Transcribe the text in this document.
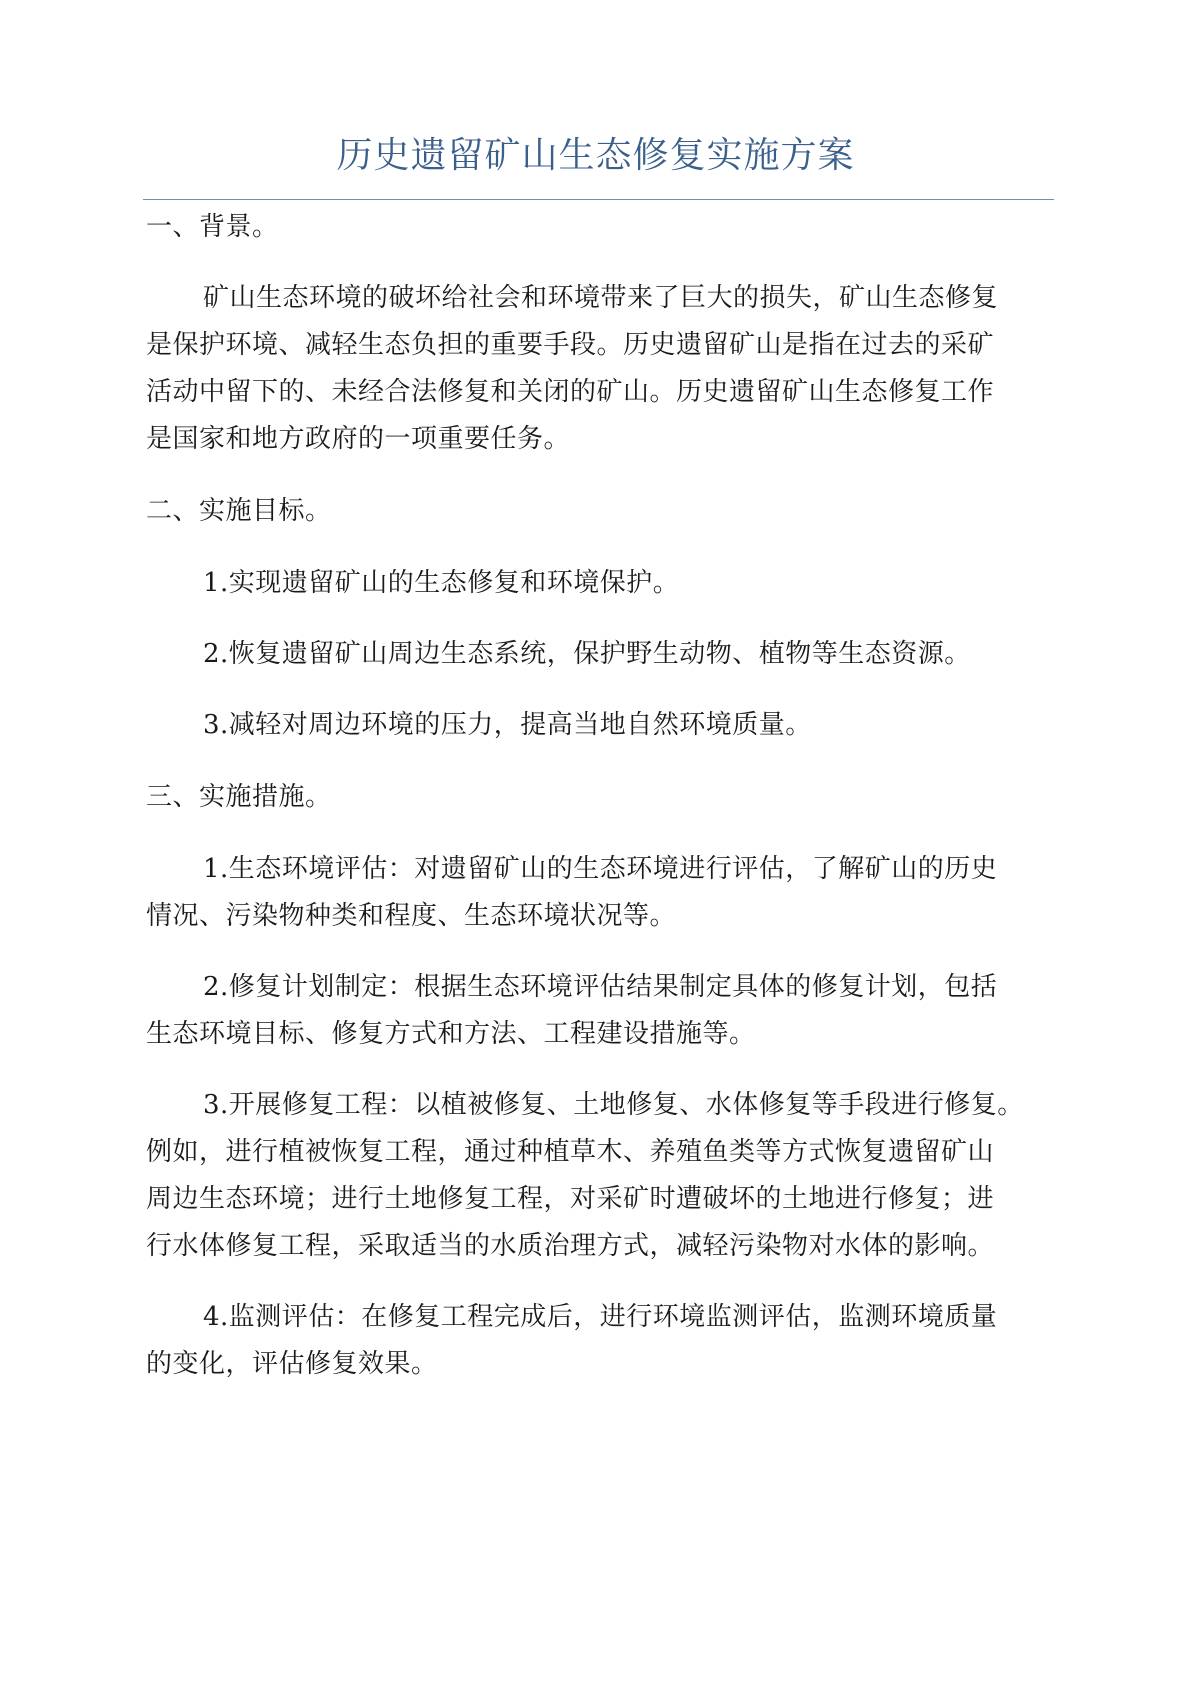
历史遗留矿山生态修复实施方案
一、背景。
矿山生态环境的破坏给社会和环境带来了巨大的损失，矿山生态修复
是保护环境、减轻生态负担的重要手段。历史遗留矿山是指在过去的采矿
活动中留下的、未经合法修复和关闭的矿山。历史遗留矿山生态修复工作
是国家和地方政府的一项重要任务。
二、实施目标。
1.实现遗留矿山的生态修复和环境保护。
2.恢复遗留矿山周边生态系统，保护野生动物、植物等生态资源。
3.减轻对周边环境的压力，提高当地自然环境质量。
三、实施措施。
1.生态环境评估：对遗留矿山的生态环境进行评估，了解矿山的历史
情况、污染物种类和程度、生态环境状况等。
2.修复计划制定：根据生态环境评估结果制定具体的修复计划，包括
生态环境目标、修复方式和方法、工程建设措施等。
3.开展修复工程：以植被修复、土地修复、水体修复等手段进行修复。
例如，进行植被恢复工程，通过种植草木、养殖鱼类等方式恢复遗留矿山
周边生态环境；进行土地修复工程，对采矿时遭破坏的土地进行修复；进
行水体修复工程，采取适当的水质治理方式，减轻污染物对水体的影响。
4.监测评估：在修复工程完成后，进行环境监测评估，监测环境质量
的变化，评估修复效果。
